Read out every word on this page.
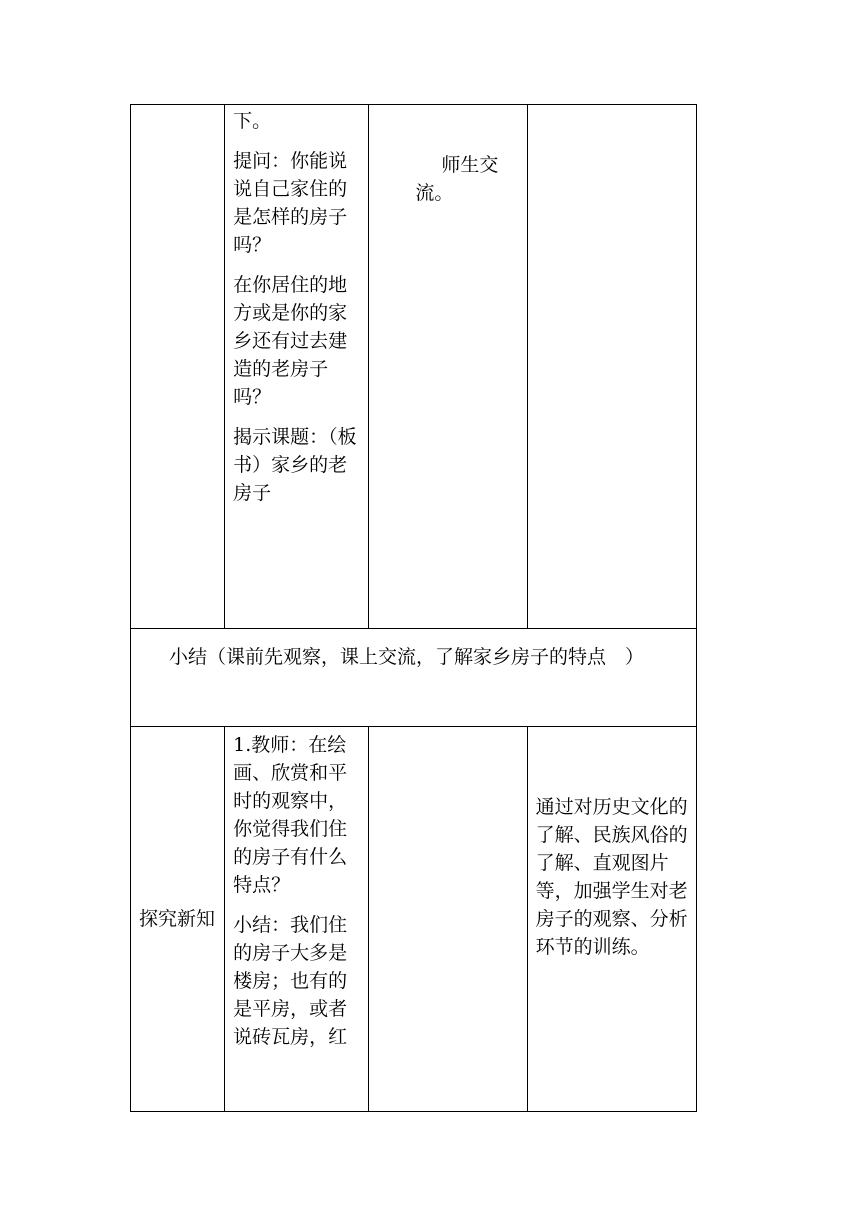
	下。

提问：你能说说自己家住的是怎样的房子吗？

在你居住的地方或是你的家乡还有过去建造的老房子吗？

揭示课题：（板书）家乡的老房子	师生交流。	

小结（课前先观察，课上交流，了解家乡房子的特点　）			

探究新知	1.教师：在绘画、欣赏和平时的观察中，你觉得我们住的房子有什么特点？

小结：我们住的房子大多是楼房；也有的是平房，或者说砖瓦房，红		通过对历史文化的了解、民族风俗的了解、直观图片等，加强学生对老房子的观察、分析环节的训练。
